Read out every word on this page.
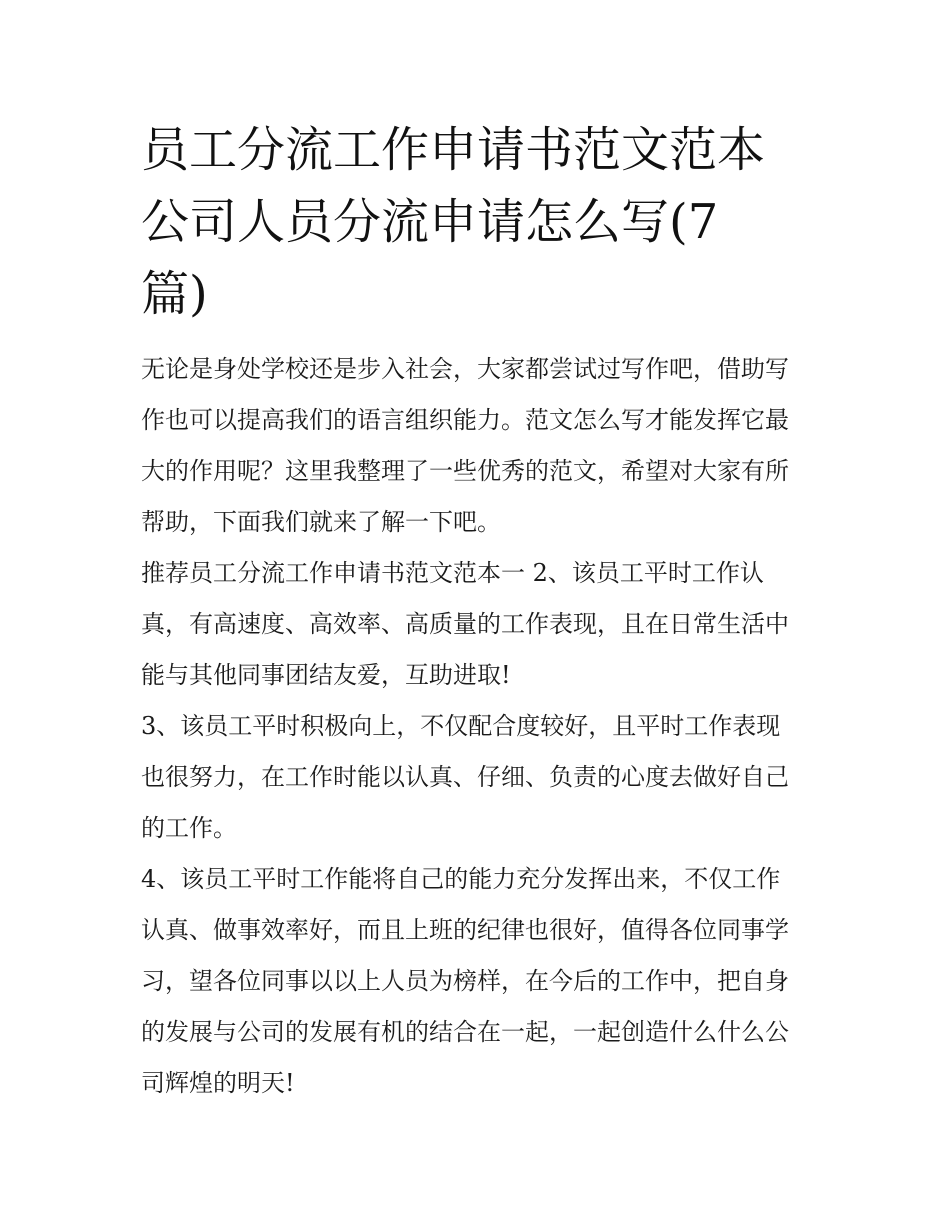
员工分流工作申请书范文范本
公司人员分流申请怎么写(7
篇)

无论是身处学校还是步入社会，大家都尝试过写作吧，借助写
作也可以提高我们的语言组织能力。范文怎么写才能发挥它最
大的作用呢？这里我整理了一些优秀的范文，希望对大家有所
帮助，下面我们就来了解一下吧。

推荐员工分流工作申请书范文范本一 2、该员工平时工作认
真，有高速度、高效率、高质量的工作表现，且在日常生活中
能与其他同事团结友爱，互助进取!

3、该员工平时积极向上，不仅配合度较好，且平时工作表现
也很努力，在工作时能以认真、仔细、负责的心度去做好自己
的工作。

4、该员工平时工作能将自己的能力充分发挥出来，不仅工作
认真、做事效率好，而且上班的纪律也很好，值得各位同事学
习，望各位同事以以上人员为榜样，在今后的工作中，把自身
的发展与公司的发展有机的结合在一起，一起创造什么什么公
司辉煌的明天!
